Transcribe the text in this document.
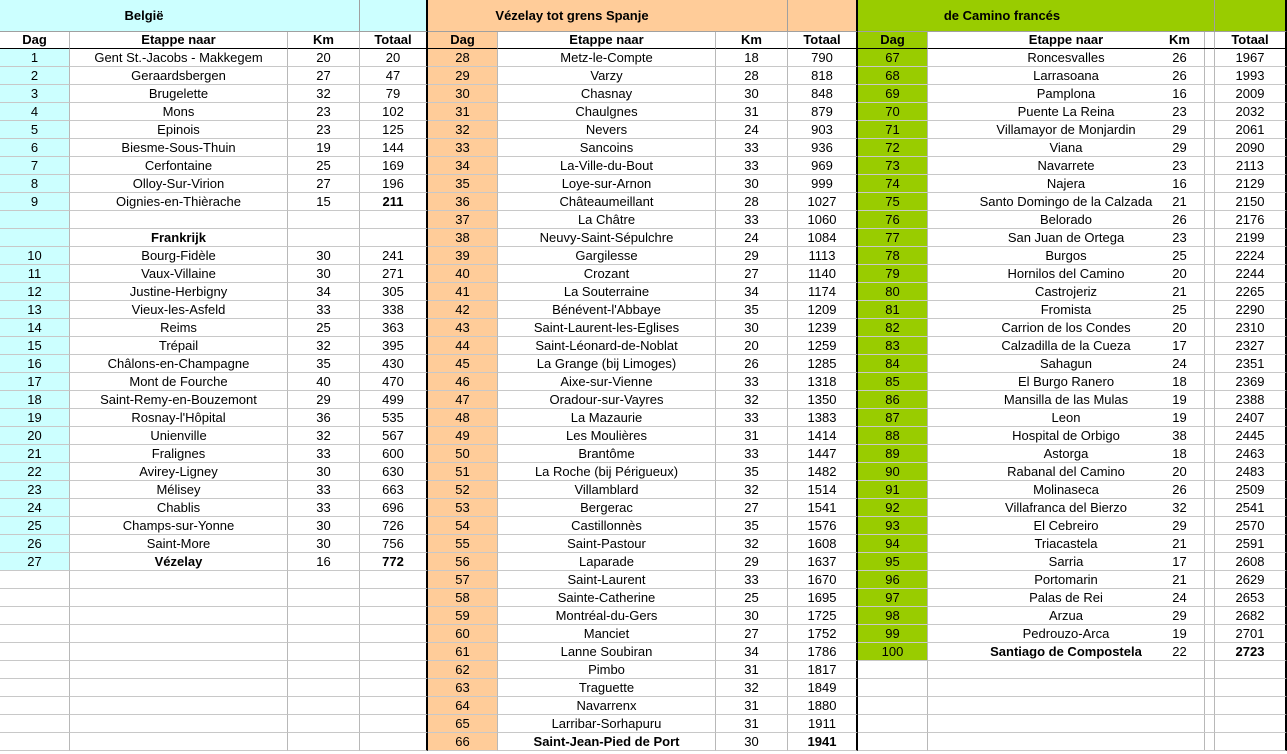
België
Dag	Etappe naar	Km	Totaal
1	Gent St.-Jacobs - Makkegem	20	20
2	Geraardsbergen	27	47
3	Brugelette	32	79
4	Mons	23	102
5	Epinois	23	125
6	Biesme-Sous-Thuin	19	144
7	Cerfontaine	25	169
8	Olloy-Sur-Virion	27	196
9	Oignies-en-Thièrache	15	211
Frankrijk
10	Bourg-Fidèle	30	241
11	Vaux-Villaine	30	271
12	Justine-Herbigny	34	305
13	Vieux-les-Asfeld	33	338
14	Reims	25	363
15	Trépail	32	395
16	Châlons-en-Champagne	35	430
17	Mont de Fourche	40	470
18	Saint-Remy-en-Bouzemont	29	499
19	Rosnay-l'Hôpital	36	535
20	Unienville	32	567
21	Fralignes	33	600
22	Avirey-Ligney	30	630
23	Mélisey	33	663
24	Chablis	33	696
25	Champs-sur-Yonne	30	726
26	Saint-More	30	756
27	Vézelay	16	772
Vézelay tot grens Spanje
Dag	Etappe naar	Km	Totaal
28	Metz-le-Compte	18	790
29	Varzy	28	818
30	Chasnay	30	848
31	Chaulgnes	31	879
32	Nevers	24	903
33	Sancoins	33	936
34	La-Ville-du-Bout	33	969
35	Loye-sur-Arnon	30	999
36	Châteaumeillant	28	1027
37	La Châtre	33	1060
38	Neuvy-Saint-Sépulchre	24	1084
39	Gargilesse	29	1113
40	Crozant	27	1140
41	La Souterraine	34	1174
42	Bénévent-l'Abbaye	35	1209
43	Saint-Laurent-les-Eglises	30	1239
44	Saint-Léonard-de-Noblat	20	1259
45	La Grange (bij Limoges)	26	1285
46	Aixe-sur-Vienne	33	1318
47	Oradour-sur-Vayres	32	1350
48	La Mazaurie	33	1383
49	Les Moulières	31	1414
50	Brantôme	33	1447
51	La Roche (bij Périgueux)	35	1482
52	Villamblard	32	1514
53	Bergerac	27	1541
54	Castillonnès	35	1576
55	Saint-Pastour	32	1608
56	Laparade	29	1637
57	Saint-Laurent	33	1670
58	Sainte-Catherine	25	1695
59	Montréal-du-Gers	30	1725
60	Manciet	27	1752
61	Lanne Soubiran	34	1786
62	Pimbo	31	1817
63	Traguette	32	1849
64	Navarrenx	31	1880
65	Larribar-Sorhapuru	31	1911
66	Saint-Jean-Pied de Port	30	1941
de Camino francés
Dag	Etappe naar	Km	Totaal
67	Roncesvalles	26	1967
68	Larrasoana	26	1993
69	Pamplona	16	2009
70	Puente La Reina	23	2032
71	Villamayor de Monjardin	29	2061
72	Viana	29	2090
73	Navarrete	23	2113
74	Najera	16	2129
75	Santo Domingo de la Calzada	21	2150
76	Belorado	26	2176
77	San Juan de Ortega	23	2199
78	Burgos	25	2224
79	Hornilos del Camino	20	2244
80	Castrojeriz	21	2265
81	Fromista	25	2290
82	Carrion de los Condes	20	2310
83	Calzadilla de la Cueza	17	2327
84	Sahagun	24	2351
85	El Burgo Ranero	18	2369
86	Mansilla de las Mulas	19	2388
87	Leon	19	2407
88	Hospital de Orbigo	38	2445
89	Astorga	18	2463
90	Rabanal del Camino	20	2483
91	Molinaseca	26	2509
92	Villafranca del Bierzo	32	2541
93	El Cebreiro	29	2570
94	Triacastela	21	2591
95	Sarria	17	2608
96	Portomarin	21	2629
97	Palas de Rei	24	2653
98	Arzua	29	2682
99	Pedrouzo-Arca	19	2701
100	Santiago de Compostela	22	2723
